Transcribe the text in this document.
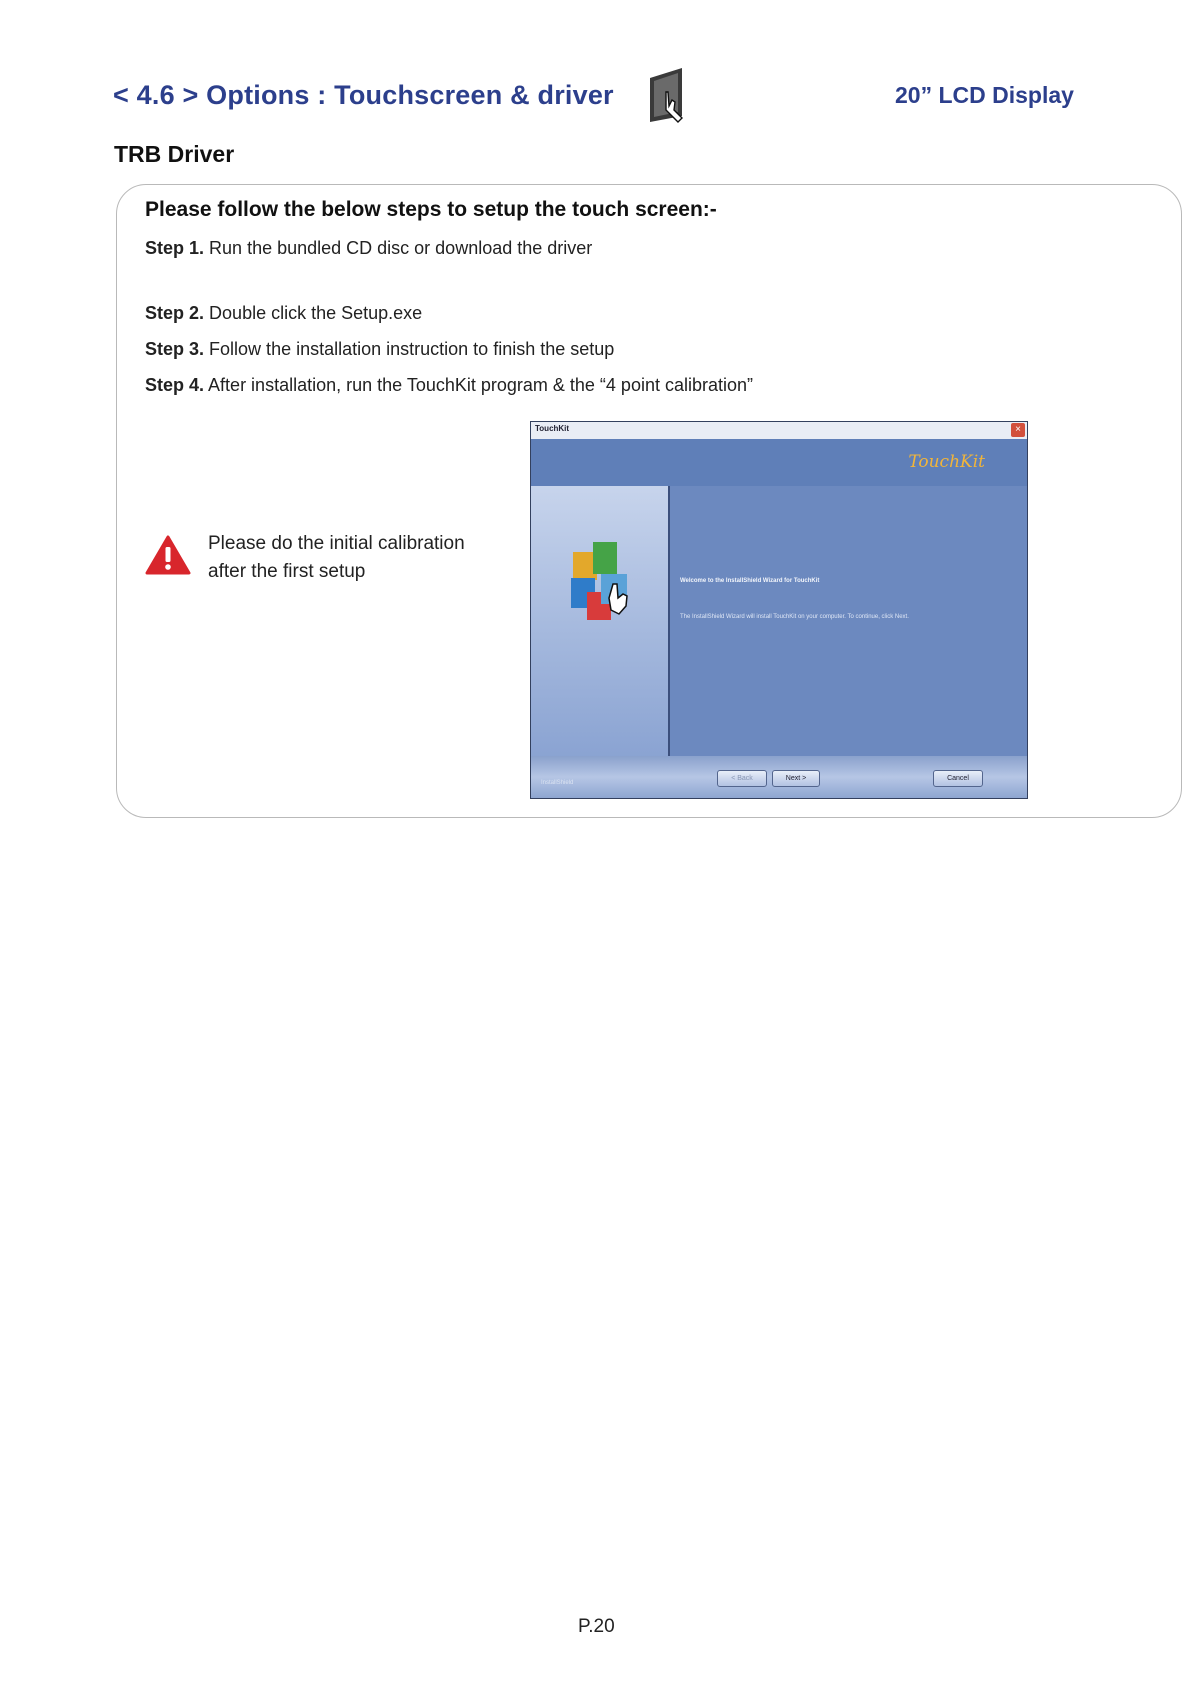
< 4.6 > Options : Touchscreen & driver	20” LCD Display
TRB Driver
Please follow the below steps to setup the touch screen:-
Step 1. Run the bundled CD disc or download the driver
Step 2. Double click the Setup.exe
Step 3. Follow the installation instruction to finish the setup
Step 4. After installation, run the TouchKit program & the “4 point calibration”
Please do the initial calibration
after the first setup
TouchKit	×
TouchKit
Welcome to the InstallShield Wizard for TouchKit
The InstallShield Wizard will install TouchKit on your computer. To continue, click Next.
InstallShield
< Back	Next >	Cancel
P.20
